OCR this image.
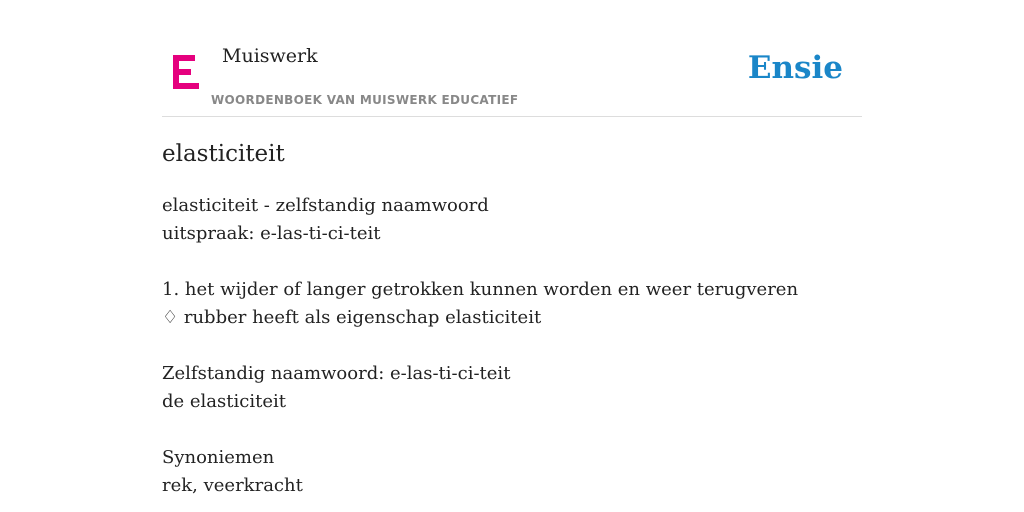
Muiswerk
WOORDENBOEK VAN MUISWERK EDUCATIEF
Ensie
elasticiteit
elasticiteit - zelfstandig naamwoord
uitspraak: e-las-ti-ci-teit
1. het wijder of langer getrokken kunnen worden en weer terugveren
♢ rubber heeft als eigenschap elasticiteit
Zelfstandig naamwoord: e-las-ti-ci-teit
de elasticiteit
Synoniemen
rek, veerkracht
